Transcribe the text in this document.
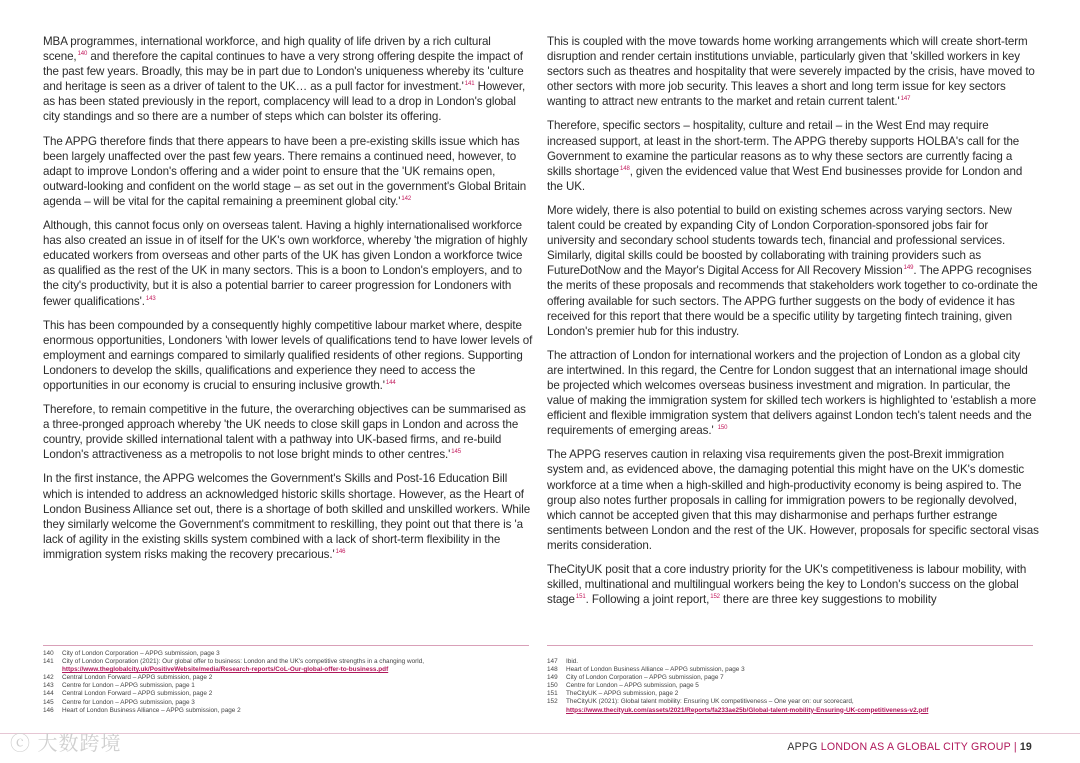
MBA programmes, international workforce, and high quality of life driven by a rich cultural scene,$^{140}$ and therefore the capital continues to have a very strong offering despite the impact of the past few years. Broadly, this may be in part due to London's uniqueness whereby its 'culture and heritage is seen as a driver of talent to the UK… as a pull factor for $investment.'^{141}$ However, as has been stated previously in the report, complacency will lead to a drop in London's global city standings and so there are a number of steps which can bolster its offering.

The APPG therefore finds that there appears to have been a pre-existing skills issue which has been largely unaffected over the past few years. There remains a continued need, however, to adapt to improve London's offering and a wider point to ensure that the 'UK remains open, outward-looking and confident on the world stage – as set out in the government's Global Britain agenda – will be vital for the capital remaining a preeminent global $city.'^{142}$

Although, this cannot focus only on overseas talent. Having a highly internationalised workforce has also created an issue in of itself for the UK's own workforce, whereby 'the migration of highly educated workers from overseas and other parts of the UK has given London a workforce twice as qualified as the rest of the UK in many sectors. This is a boon to London's employers, and to the city's productivity, but it is also a potential barrier to career progression for Londoners with fewer qualifications'.$^{143}$

This has been compounded by a consequently highly competitive labour market where, despite enormous opportunities, Londoners 'with lower levels of qualifications tend to have lower levels of employment and earnings compared to similarly qualified residents of other regions. Supporting Londoners to develop the skills, qualifications and experience they need to access the opportunities in our economy is crucial to ensuring inclusive $growth.'^{144}$

Therefore, to remain competitive in the future, the overarching objectives can be summarised as a three-pronged approach whereby 'the UK needs to close skill gaps in London and across the country, provide skilled international talent with a pathway into UK-based firms, and re-build London's attractiveness as a metropolis to not lose bright minds to other $centres.'^{145}$

In the first instance, the APPG welcomes the Government's Skills and Post-16 Education Bill which is intended to address an acknowledged historic skills shortage. However, as the Heart of London Business Alliance set out, there is a shortage of both skilled and unskilled workers. While they similarly welcome the Government's commitment to reskilling, they point out that there is 'a lack of agility in the existing skills system combined with a lack of short-term flexibility in the immigration system risks making the recovery $precarious.'^{146}$

This is coupled with the move towards home working arrangements which will create short-term disruption and render certain institutions unviable, particularly given that 'skilled workers in key sectors such as theatres and hospitality that were severely impacted by the crisis, have moved to other sectors with more job security. This leaves a short and long term issue for key sectors wanting to attract new entrants to the market and retain current $talent.'^{147}$

Therefore, specific sectors – hospitality, culture and retail – in the West End may require increased support, at least in the short-term. The APPG thereby supports HOLBA's call for the Government to examine the particular reasons as to why these sectors are currently facing a skills shortage$^{148}$, given the evidenced value that West End businesses provide for London and the UK.

More widely, there is also potential to build on existing schemes across varying sectors. New talent could be created by expanding City of London Corporation-sponsored jobs fair for university and secondary school students towards tech, financial and professional services. Similarly, digital skills could be boosted by collaborating with training providers such as FutureDotNow and the Mayor's Digital Access for All Recovery Mission$^{149}$. The APPG recognises the merits of these proposals and recommends that stakeholders work together to co-ordinate the offering available for such sectors. The APPG further suggests on the body of evidence it has received for this report that there would be a specific utility by targeting fintech training, given London's premier hub for this industry.

The attraction of London for international workers and the projection of London as a global city are intertwined. In this regard, the Centre for London suggest that an international image should be projected which welcomes overseas business investment and migration. In particular, the value of making the immigration system for skilled tech workers is highlighted to 'establish a more efficient and flexible immigration system that delivers against London tech's talent needs and the requirements of emerging areas.' $^{150}$

The APPG reserves caution in relaxing visa requirements given the post-Brexit immigration system and, as evidenced above, the damaging potential this might have on the UK's domestic workforce at a time when a high-skilled and high-productivity economy is being aspired to. The group also notes further proposals in calling for immigration powers to be regionally devolved, which cannot be accepted given that this may disharmonise and perhaps further estrange sentiments between London and the rest of the UK. However, proposals for specific sectoral visas merits consideration.

TheCityUK posit that a core industry priority for the UK's competitiveness is labour mobility, with skilled, multinational and multilingual workers being the key to London's success on the global stage$^{151}$. Following a joint report,$^{152}$ there are three key suggestions to mobility

140	City of London Corporation – APPG submission, page 3
141	City of London Corporation (2021): Our global offer to business: London and the UK's competitive strengths in a changing world, https://www.theglobalcity.uk/PositiveWebsite/media/Research-reports/CoL-Our-global-offer-to-business.pdf
142	Central London Forward – APPG submission, page 2
143	Centre for London – APPG submission, page 1
144	Central London Forward – APPG submission, page 2
145	Centre for London – APPG submission, page 3
146	Heart of London Business Alliance – APPG submission, page 2
147	Ibid.
148	Heart of London Business Alliance – APPG submission, page 3
149	City of London Corporation – APPG submission, page 7
150	Centre for London – APPG submission, page 5
151	TheCityUK – APPG submission, page 2
152	TheCityUK (2021): Global talent mobility: Ensuring UK competitiveness – One year on: our scorecard, https://www.thecityuk.com/assets/2021/Reports/fa233ae25b/Global-talent-mobility-Ensuring-UK-competitiveness-v2.pdf
ⓒ 大数跨境	APPG LONDON AS A GLOBAL CITY GROUP | 19
